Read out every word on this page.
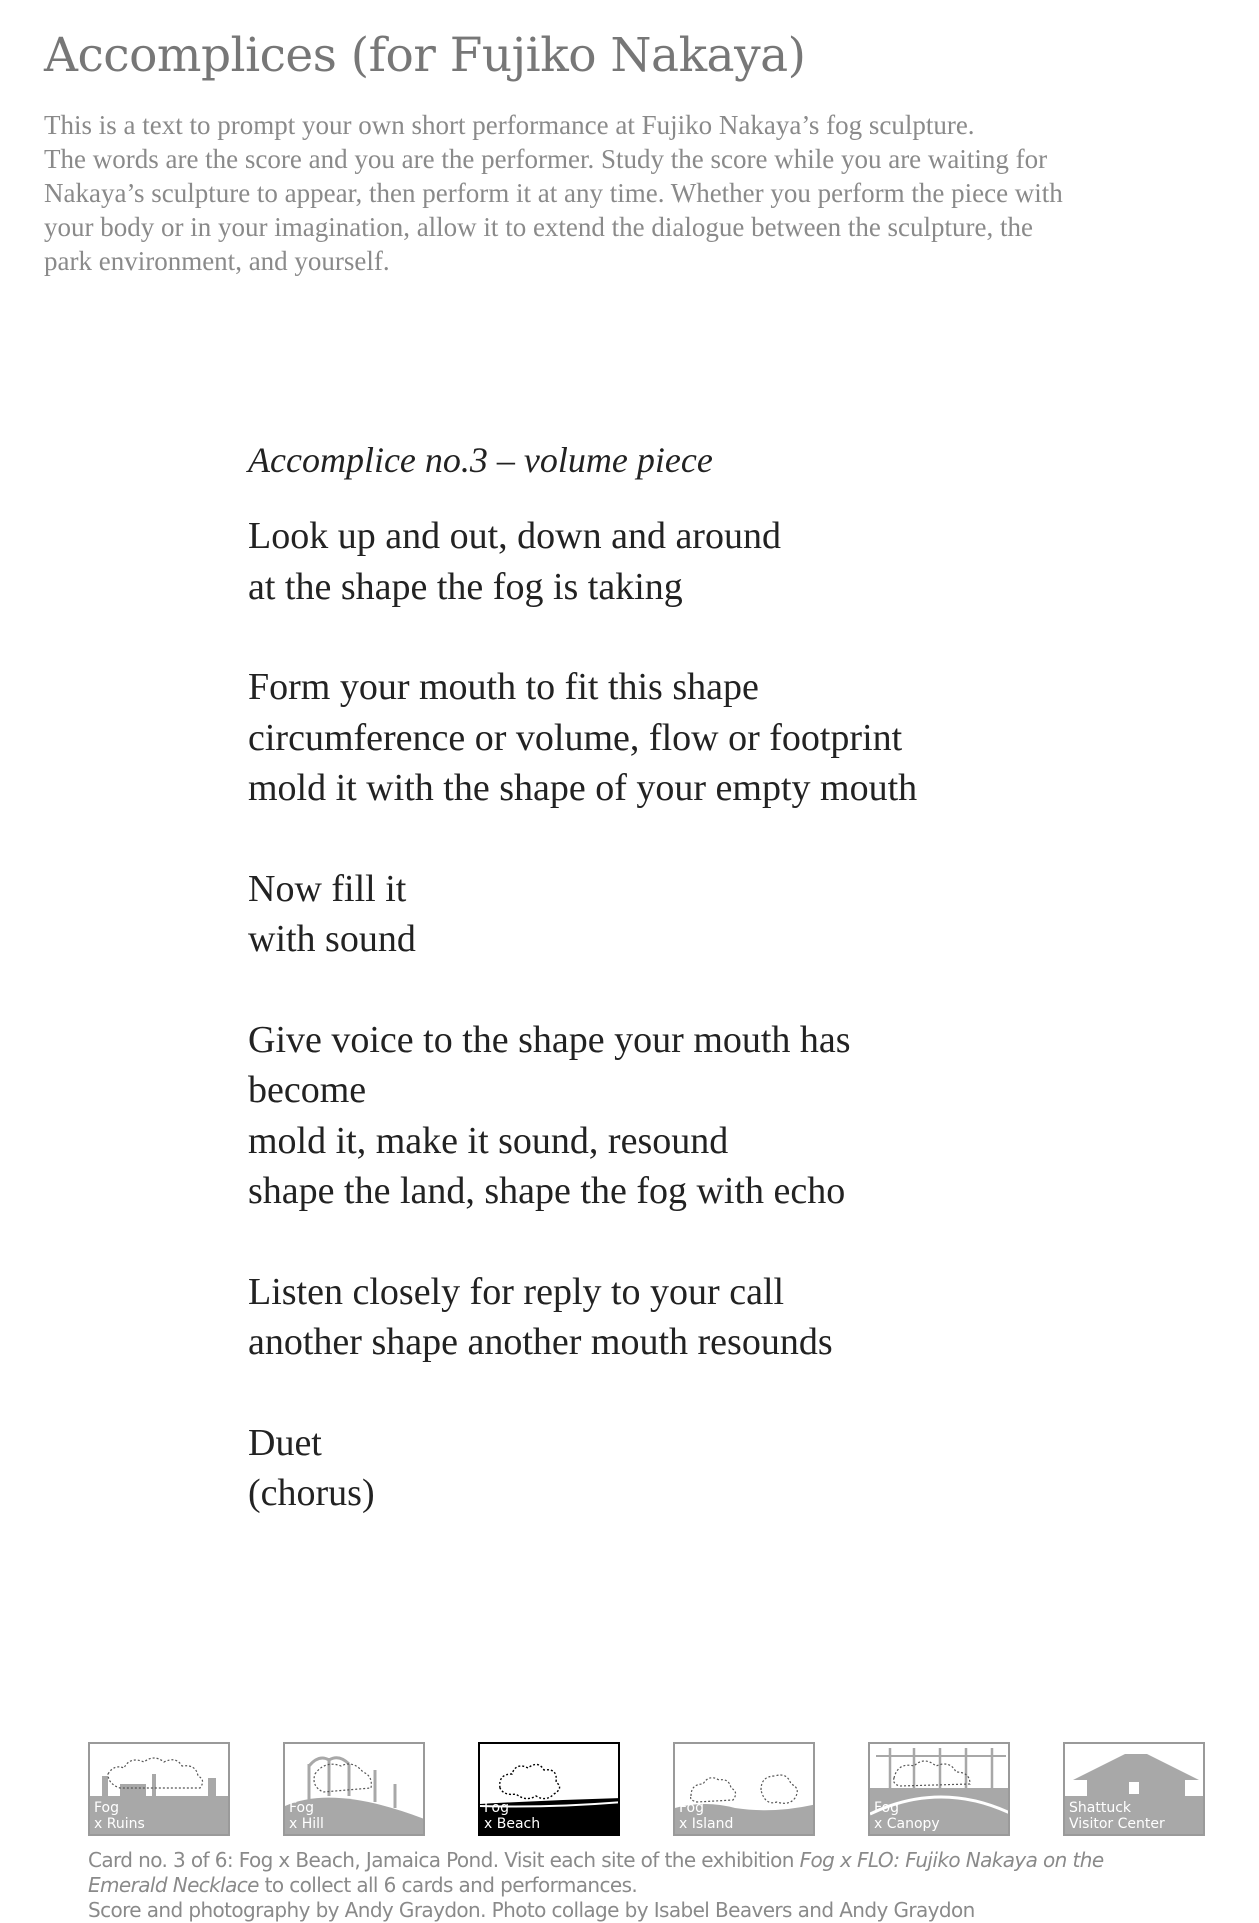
Accomplices (for Fujiko Nakaya)
This is a text to prompt your own short performance at Fujiko Nakaya’s fog sculpture.
The words are the score and you are the performer. Study the score while you are waiting for
Nakaya’s sculpture to appear, then perform it at any time. Whether you perform the piece with
your body or in your imagination, allow it to extend the dialogue between the sculpture, the
park environment, and yourself.
Accomplice no.3 – volume piece
Look up and out, down and around
at the shape the fog is taking
Form your mouth to fit this shape
circumference or volume, flow or footprint
mold it with the shape of your empty mouth
Now fill it
with sound
Give voice to the shape your mouth has
become
mold it, make it sound, resound
shape the land, shape the fog with echo
Listen closely for reply to your call
another shape another mouth resounds
Duet
(chorus)
Fog
x Ruins
Fog
x Hill
Fog
x Beach
Fog
x Island
Fog
x Canopy
Shattuck
Visitor Center
Card no. 3 of 6: Fog x Beach, Jamaica Pond. Visit each site of the exhibition Fog x FLO: Fujiko Nakaya on the
Emerald Necklace to collect all 6 cards and performances.
Score and photography by Andy Graydon. Photo collage by Isabel Beavers and Andy Graydon
